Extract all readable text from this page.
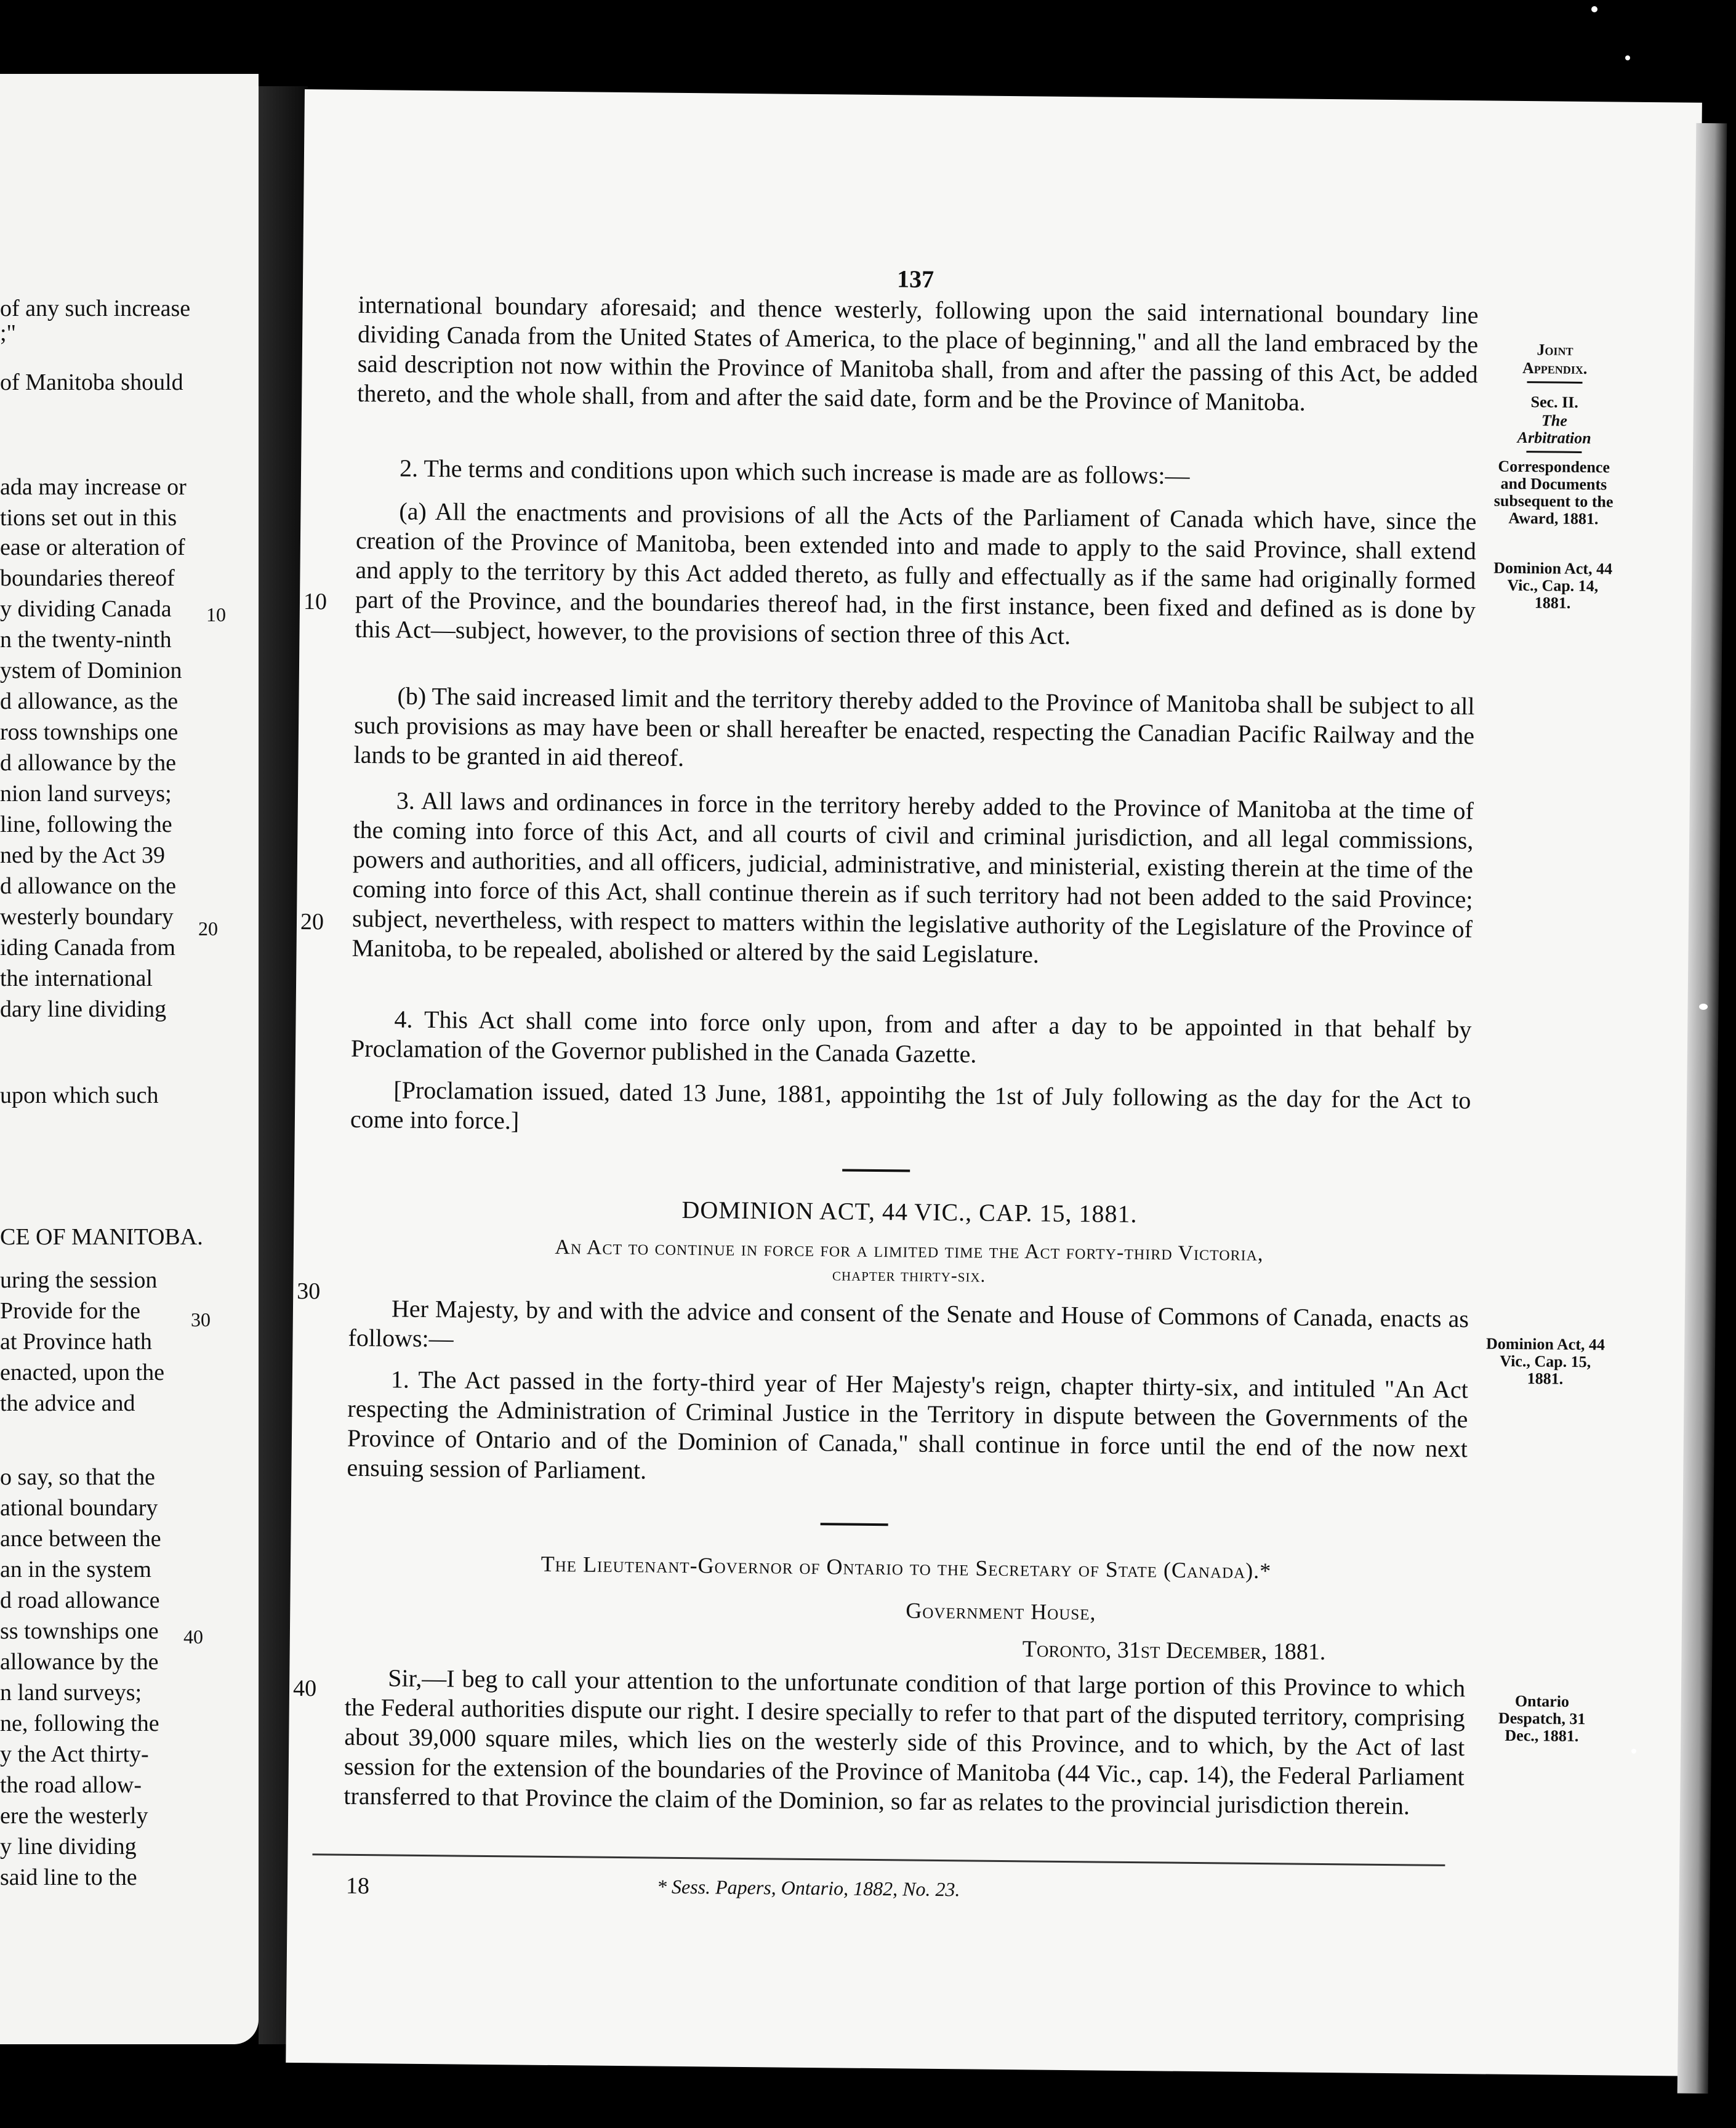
of any such increase
;"
of Manitoba should
ada may increase or
tions set out in this
ease or alteration of
boundaries thereof
y dividing Canada
n the twenty-ninth
ystem of Dominion
d allowance, as the
ross townships one
d allowance by the
nion land surveys;
line, following the
ned by the Act 39
d allowance on the
westerly boundary
iding Canada from
the international
dary line dividing
upon which such
CE OF MANITOBA.
uring the session
Provide for the
at Province hath
enacted, upon the
the advice and
o say, so that the
ational boundary
ance between the
an in the system
d road allowance
ss townships one
allowance by the
n land surveys;
ne, following the
y the Act thirty-
the road allow-
ere the westerly
y line dividing
said line to the
10
20
30
40
137

international boundary aforesaid; and thence westerly, following upon the said international boundary line dividing Canada from the United States of America, to the place of beginning," and all the land embraced by the said description not now within the Province of Manitoba shall, from and after the passing of this Act, be added thereto, and the whole shall, from and after the said date, form and be the Province of Manitoba.

2. The terms and conditions upon which such increase is made are as follows:—

(a) All the enactments and provisions of all the Acts of the Parliament of Canada which have, since the creation of the Province of Manitoba, been extended into and made to apply to the said Province, shall extend and apply to the territory by this Act added thereto, as fully and effectually as if the same had originally formed part of the Province, and the boundaries thereof had, in the first instance, been fixed and defined as is done by this Act—subject, however, to the provisions of section three of this Act.

(b) The said increased limit and the territory thereby added to the Province of Manitoba shall be subject to all such provisions as may have been or shall hereafter be enacted, respecting the Canadian Pacific Railway and the lands to be granted in aid thereof.

3. All laws and ordinances in force in the territory hereby added to the Province of Manitoba at the time of the coming into force of this Act, and all courts of civil and criminal jurisdiction, and all legal commissions, powers and authorities, and all officers, judicial, administrative, and ministerial, existing therein at the time of the coming into force of this Act, shall continue therein as if such territory had not been added to the said Province; subject, nevertheless, with respect to matters within the legislative authority of the Legislature of the Province of Manitoba, to be repealed, abolished or altered by the said Legislature.

4. This Act shall come into force only upon, from and after a day to be appointed in that behalf by Proclamation of the Governor published in the Canada Gazette.

[Proclamation issued, dated 13 June, 1881, appointihg the 1st of July following as the day for the Act to come into force.]

10
20
30
40
DOMINION ACT, 44 VIC., CAP. 15, 1881.
An Act to continue in force for a limited time the Act forty-third Victoria,
chapter thirty-six.

Her Majesty, by and with the advice and consent of the Senate and House of Commons of Canada, enacts as follows:—

1. The Act passed in the forty-third year of Her Majesty's reign, chapter thirty-six, and intituled "An Act respecting the Administration of Criminal Justice in the Territory in dispute between the Governments of the Province of Ontario and of the Dominion of Canada," shall continue in force until the end of the now next ensuing session of Parliament.

The Lieutenant-Governor of Ontario to the Secretary of State (Canada).*
Government House,
Toronto, 31st December, 1881.

Sir,—I beg to call your attention to the unfortunate condition of that large portion of this Province to which the Federal authorities dispute our right. I desire specially to refer to that part of the disputed territory, comprising about 39,000 square miles, which lies on the westerly side of this Province, and to which, by the Act of last session for the extension of the boundaries of the Province of Manitoba (44 Vic., cap. 14), the Federal Parliament transferred to that Province the claim of the Dominion, so far as relates to the provincial jurisdiction therein.

18	* Sess. Papers, Ontario, 1882, No. 23.
Joint
Appendix.
Sec. II.
The
Arbitration
Correspondence and Documents subsequent to the Award, 1881.
Dominion Act, 44 Vic., Cap. 14, 1881.
Dominion Act, 44 Vic., Cap. 15, 1881.
Ontario Despatch, 31 Dec., 1881.
